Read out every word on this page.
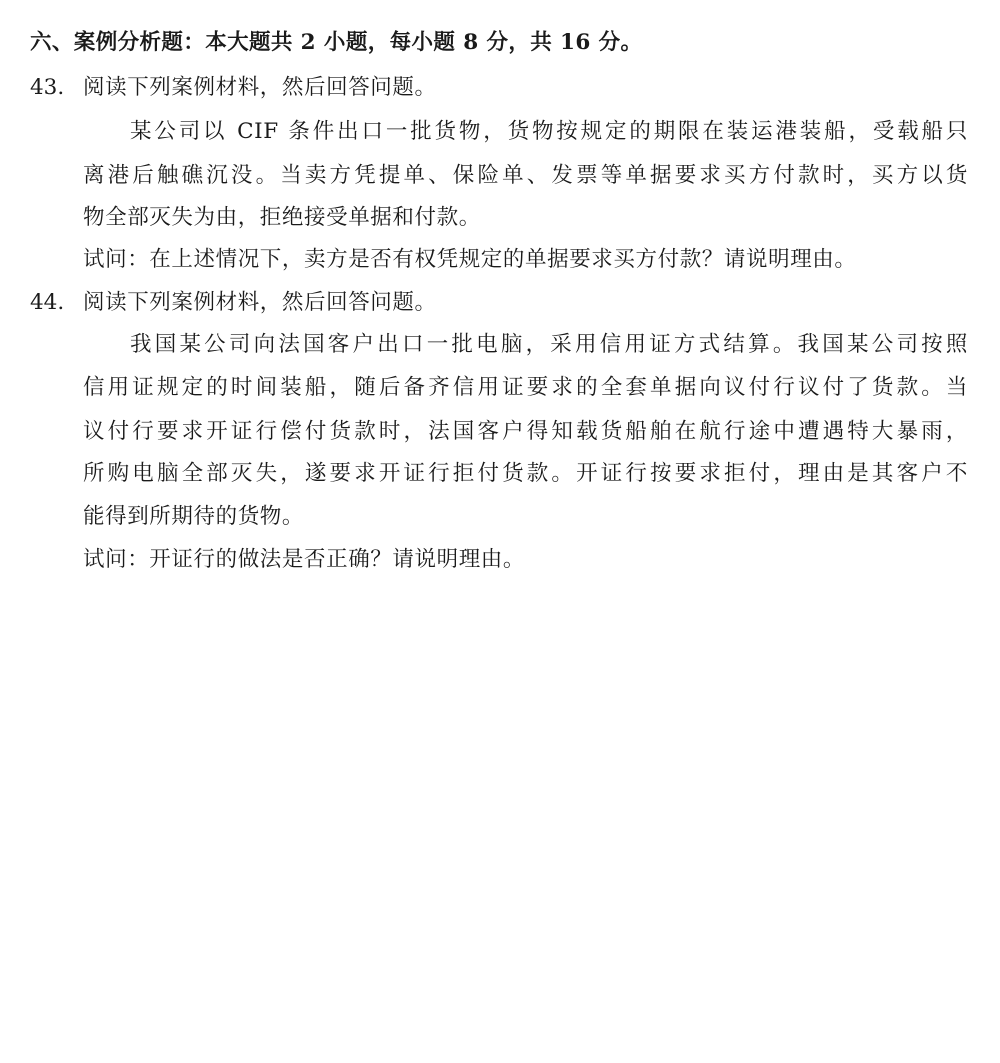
六、案例分析题：本大题共 2 小题，每小题 8 分，共 16 分。
43. 阅读下列案例材料，然后回答问题。
某公司以 CIF 条件出口一批货物，货物按规定的期限在装运港装船，受载船只
离港后触礁沉没。当卖方凭提单、保险单、发票等单据要求买方付款时，买方以货
物全部灭失为由，拒绝接受单据和付款。
试问：在上述情况下，卖方是否有权凭规定的单据要求买方付款？请说明理由。
44. 阅读下列案例材料，然后回答问题。
我国某公司向法国客户出口一批电脑，采用信用证方式结算。我国某公司按照
信用证规定的时间装船，随后备齐信用证要求的全套单据向议付行议付了货款。当
议付行要求开证行偿付货款时，法国客户得知载货船舶在航行途中遭遇特大暴雨，
所购电脑全部灭失，遂要求开证行拒付货款。开证行按要求拒付，理由是其客户不
能得到所期待的货物。
试问：开证行的做法是否正确？请说明理由。
